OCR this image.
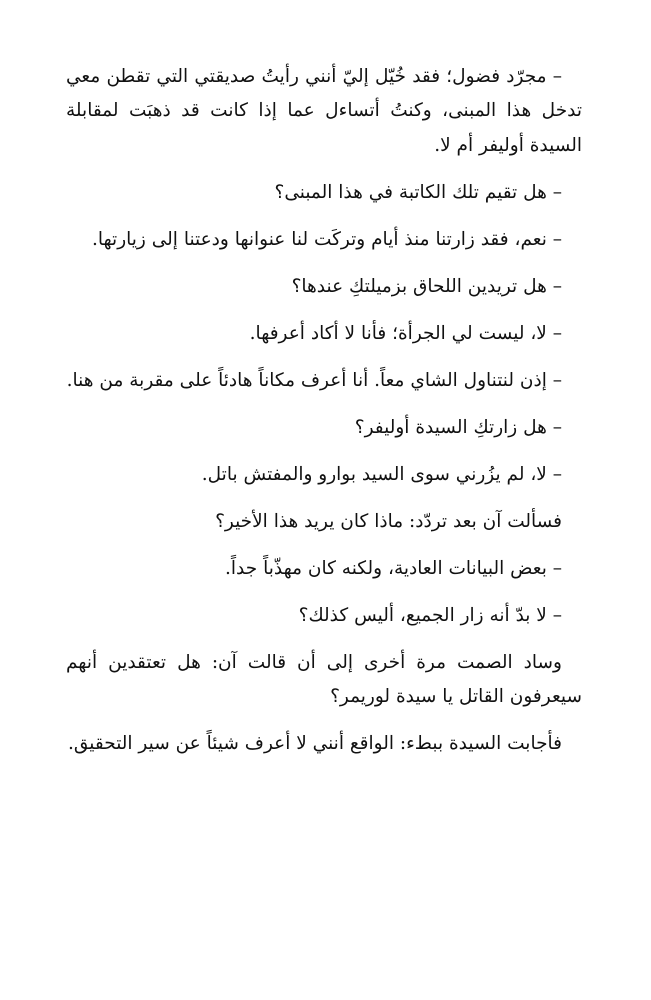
– مجرّد فضول؛ فقد خُيّل إليّ أنني رأيتُ صديقتي التي تقطن معي تدخل هذا المبنى، وكنتُ أتساءل عما إذا كانت قد ذهبَت لمقابلة السيدة أوليفر أم لا.

– هل تقيم تلك الكاتبة في هذا المبنى؟

– نعم، فقد زارتنا منذ أيام وتركَت لنا عنوانها ودعتنا إلى زيارتها.

– هل تريدين اللحاق بزميلتكِ عندها؟

– لا، ليست لي الجرأة؛ فأنا لا أكاد أعرفها.

– إذن لنتناول الشاي معاً. أنا أعرف مكاناً هادئاً على مقربة من هنا.

– هل زارتكِ السيدة أوليفر؟

– لا، لم يزُرني سوى السيد بوارو والمفتش باتل.

فسألت آن بعد تردّد: ماذا كان يريد هذا الأخير؟

– بعض البيانات العادية، ولكنه كان مهذّباً جداً.

– لا بدّ أنه زار الجميع، أليس كذلك؟

وساد الصمت مرة أخرى إلى أن قالت آن: هل تعتقدين أنهم سيعرفون القاتل يا سيدة لوريمر؟

فأجابت السيدة ببطء: الواقع أنني لا أعرف شيئاً عن سير التحقيق.
